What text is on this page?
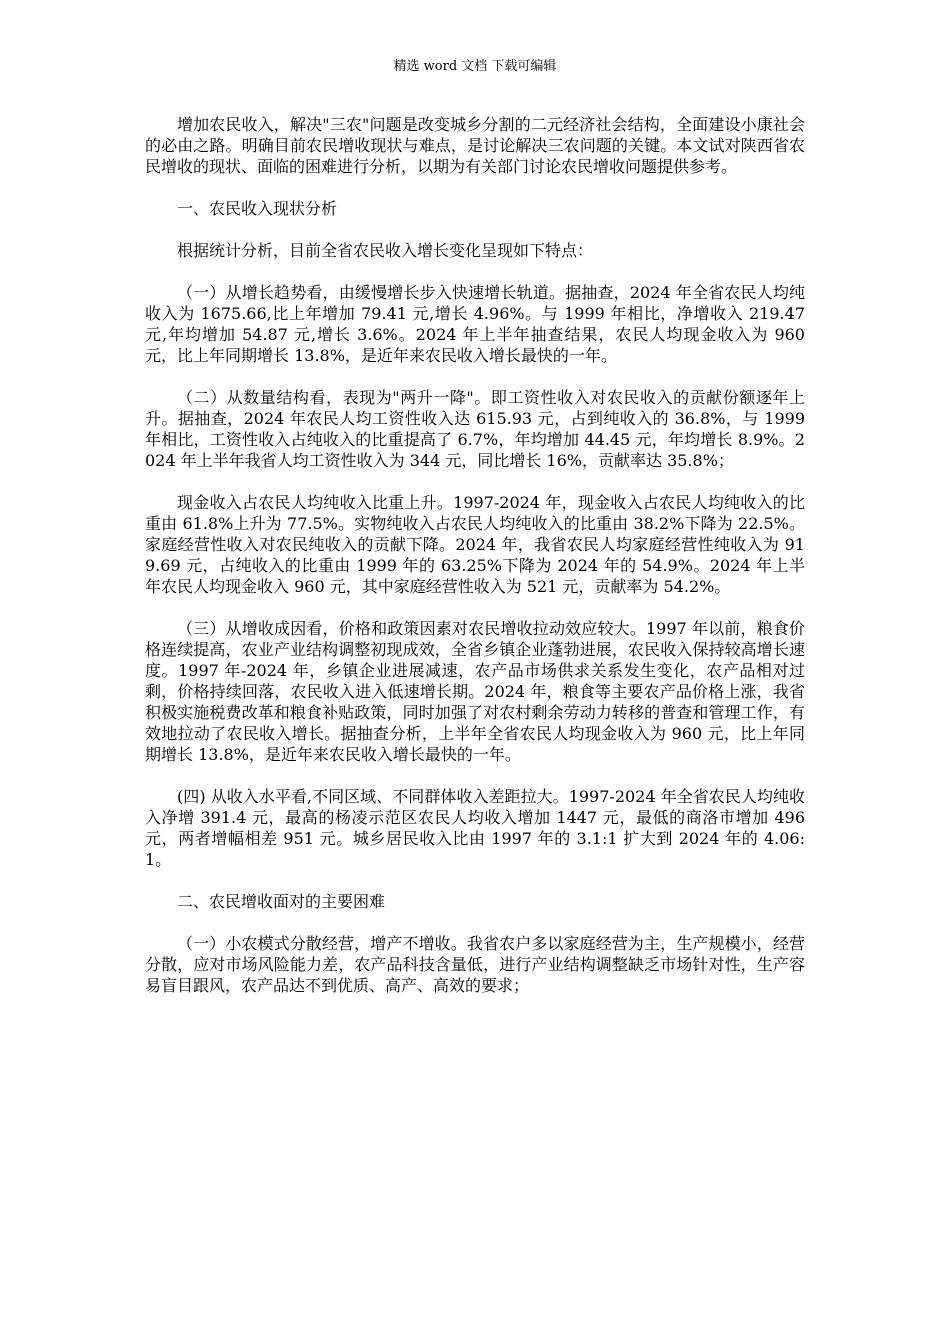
精选 word 文档 下载可编辑

增加农民收入，解决"三农"问题是改变城乡分割的二元经济社会结构，全面建设小康社会的必由之路。明确目前农民增收现状与难点，是讨论解决三农问题的关键。本文试对陕西省农民增收的现状、面临的困难进行分析，以期为有关部门讨论农民增收问题提供参考。

一、农民收入现状分析

根据统计分析，目前全省农民收入增长变化呈现如下特点：

（一）从增长趋势看，由缓慢增长步入快速增长轨道。据抽查，2024 年全省农民人均纯收入为 1675.66,比上年增加 79.41 元,增长 4.96%。与 1999 年相比，净增收入 219.47 元,年均增加 54.87 元,增长 3.6%。2024 年上半年抽查结果，农民人均现金收入为 960 元，比上年同期增长 13.8%，是近年来农民收入增长最快的一年。

（二）从数量结构看，表现为"两升一降"。即工资性收入对农民收入的贡献份额逐年上升。据抽查，2024 年农民人均工资性收入达 615.93 元，占到纯收入的 36.8%，与 1999 年相比，工资性收入占纯收入的比重提高了 6.7%，年均增加 44.45 元，年均增长 8.9%。2024 年上半年我省人均工资性收入为 344 元，同比增长 16%，贡献率达 35.8%；

现金收入占农民人均纯收入比重上升。1997-2024 年，现金收入占农民人均纯收入的比重由 61.8%上升为 77.5%。实物纯收入占农民人均纯收入的比重由 38.2%下降为 22.5%。家庭经营性收入对农民纯收入的贡献下降。2024 年，我省农民人均家庭经营性纯收入为 919.69 元，占纯收入的比重由 1999 年的 63.25%下降为 2024 年的 54.9%。2024 年上半年农民人均现金收入 960 元，其中家庭经营性收入为 521 元，贡献率为 54.2%。

（三）从增收成因看，价格和政策因素对农民增收拉动效应较大。1997 年以前，粮食价格连续提高，农业产业结构调整初现成效，全省乡镇企业蓬勃进展，农民收入保持较高增长速度。1997 年-2024 年，乡镇企业进展减速，农产品市场供求关系发生变化，农产品相对过剩，价格持续回落，农民收入进入低速增长期。2024 年，粮食等主要农产品价格上涨，我省积极实施税费改革和粮食补贴政策，同时加强了对农村剩余劳动力转移的普查和管理工作，有效地拉动了农民收入增长。据抽查分析，上半年全省农民人均现金收入为 960 元，比上年同期增长 13.8%，是近年来农民收入增长最快的一年。

(四) 从收入水平看,不同区域、不同群体收入差距拉大。1997-2024 年全省农民人均纯收入净增 391.4 元，最高的杨凌示范区农民人均收入增加 1447 元，最低的商洛市增加 496 元，两者增幅相差 951 元。城乡居民收入比由 1997 年的 3.1:1 扩大到 2024 年的 4.06:1。

二、农民增收面对的主要困难

（一）小农模式分散经营，增产不增收。我省农户多以家庭经营为主，生产规模小，经营分散，应对市场风险能力差，农产品科技含量低，进行产业结构调整缺乏市场针对性，生产容易盲目跟风，农产品达不到优质、高产、高效的要求；
